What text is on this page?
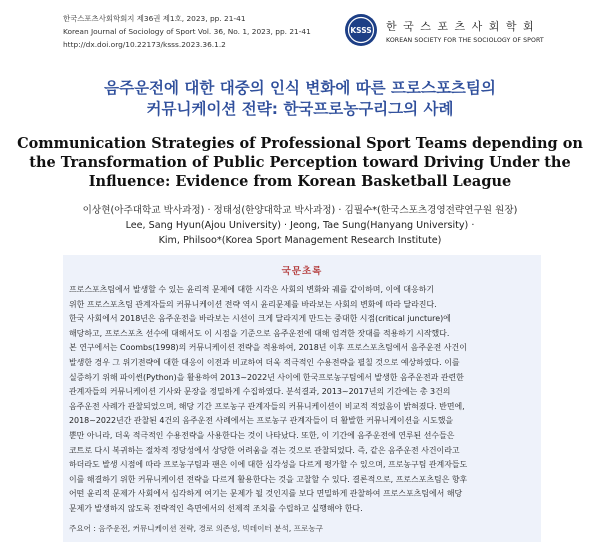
한국스포츠사회학회지 제36권 제1호, 2023, pp. 21-41
Korean Journal of Sociology of Sport Vol. 36, No. 1, 2023, pp. 21-41
http://dx.doi.org/10.22173/ksss.2023.36.1.2
KSSS 한국스포츠사회학회
KOREAN SOCIETY FOR THE SOCIOLOGY OF SPORT
음주운전에 대한 대중의 인식 변화에 따른 프로스포츠팀의
커뮤니케이션 전략: 한국프로농구리그의 사례
Communication Strategies of Professional Sport Teams depending on
the Transformation of Public Perception toward Driving Under the
Influence: Evidence from Korean Basketball League
이상현(아주대학교 박사과정) · 정태성(한양대학교 박사과정) · 김필수*(한국스포츠경영전략연구원 원장)
Lee, Sang Hyun(Ajou University) · Jeong, Tae Sung(Hanyang University) ·
Kim, Philsoo*(Korea Sport Management Research Institute)
국문초록
프로스포츠팀에서 발생할 수 있는 윤리적 문제에 대한 시각은 사회의 변화와 궤를 같이하며, 이에 대응하기
위한 프로스포츠팀 관계자들의 커뮤니케이션 전략 역시 윤리문제를 바라보는 사회의 변화에 따라 달라진다.
한국 사회에서 2018년은 음주운전을 바라보는 시선이 크게 달라지게 만드는 중대한 시점(critical juncture)에
해당하고, 프로스포츠 선수에 대해서도 이 시점을 기준으로 음주운전에 대해 엄격한 잣대를 적용하기 시작했다.
본 연구에서는 Coombs(1998)의 커뮤니케이션 전략을 적용하여, 2018년 이후 프로스포츠팀에서 음주운전 사건이
발생한 경우 그 위기전략에 대한 대응이 이전과 비교하여 더욱 적극적인 수용전략을 펼칠 것으로 예상하였다. 이를
실증하기 위해 파이썬(Python)을 활용하여 2013~2022년 사이에 한국프로농구팀에서 발생한 음주운전과 관련한
관계자들의 커뮤니케이션 기사와 문장을 정밀하게 수집하였다. 분석결과, 2013~2017년의 기간에는 총 3건의
음주운전 사례가 관찰되었으며, 해당 기간 프로농구 관계자들의 커뮤니케이션이 비교적 적었음이 밝혀졌다. 반면에,
2018~2022년간 관찰된 4건의 음주운전 사례에서는 프로농구 관계자들이 더 활발한 커뮤니케이션을 시도했을
뿐만 아니라, 더욱 적극적인 수용전략을 사용한다는 것이 나타났다. 또한, 이 기간에 음주운전에 연루된 선수들은
코트로 다시 복귀하는 절차적 정당성에서 상당한 어려움을 겪는 것으로 관찰되었다. 즉, 같은 음주운전 사건이라고
하더라도 발생 시점에 따라 프로농구팀과 팬은 이에 대한 심각성을 다르게 평가할 수 있으며, 프로농구팀 관계자들도
이를 해결하기 위한 커뮤니케이션 전략을 다르게 활용한다는 것을 고찰할 수 있다. 결론적으로, 프로스포츠팀은 향후
어떤 윤리적 문제가 사회에서 심각하게 여기는 문제가 될 것인지를 보다 면밀하게 관찰하여 프로스포츠팀에서 해당
문제가 발생하지 않도록 전략적인 측면에서의 선제적 조치를 수립하고 실행해야 한다.
주요어 : 음주운전, 커뮤니케이션 전략, 경로 의존성, 빅데이터 분석, 프로농구
